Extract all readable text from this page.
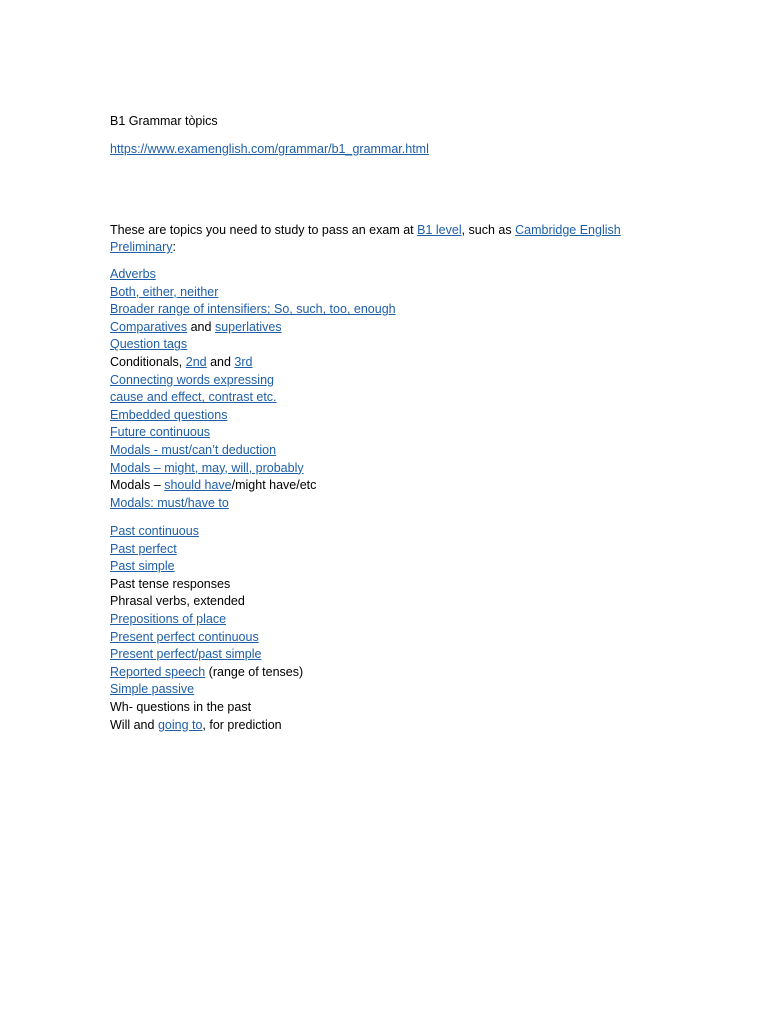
B1 Grammar tòpics
https://www.examenglish.com/grammar/b1_grammar.html
These are topics you need to study to pass an exam at B1 level, such as Cambridge English
Preliminary:
Adverbs
Both, either, neither
Broader range of intensifiers; So, such, too, enough
Comparatives and superlatives
Question tags
Conditionals, 2nd and 3rd
Connecting words expressing
cause and effect, contrast etc.
Embedded questions
Future continuous
Modals - must/can’t deduction
Modals – might, may, will, probably
Modals – should have/might have/etc
Modals: must/have to
Past continuous
Past perfect
Past simple
Past tense responses
Phrasal verbs, extended
Prepositions of place
Present perfect continuous
Present perfect/past simple
Reported speech (range of tenses)
Simple passive
Wh- questions in the past
Will and going to, for prediction
